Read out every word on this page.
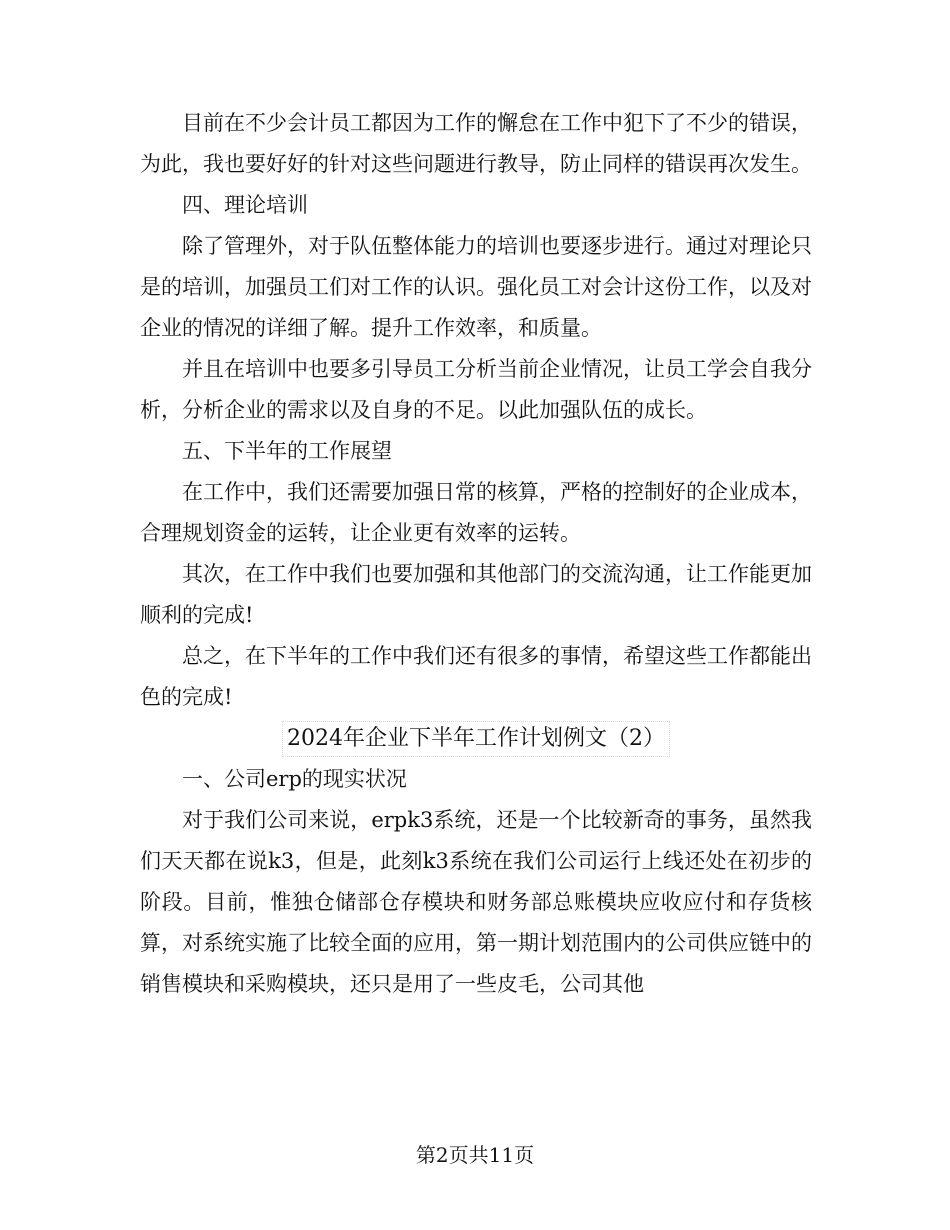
目前在不少会计员工都因为工作的懈怠在工作中犯下了不少的错误，为此，我也要好好的针对这些问题进行教导，防止同样的错误再次发生。

四、理论培训

除了管理外，对于队伍整体能力的培训也要逐步进行。通过对理论只是的培训，加强员工们对工作的认识。强化员工对会计这份工作，以及对企业的情况的详细了解。提升工作效率，和质量。

并且在培训中也要多引导员工分析当前企业情况，让员工学会自我分析，分析企业的需求以及自身的不足。以此加强队伍的成长。

五、下半年的工作展望

在工作中，我们还需要加强日常的核算，严格的控制好的企业成本，合理规划资金的运转，让企业更有效率的运转。

其次，在工作中我们也要加强和其他部门的交流沟通，让工作能更加顺利的完成!

总之，在下半年的工作中我们还有很多的事情，希望这些工作都能出色的完成!

2024年企业下半年工作计划例文（2）

一、公司erp的现实状况

对于我们公司来说，erpk3系统，还是一个比较新奇的事务，虽然我们天天都在说k3，但是，此刻k3系统在我们公司运行上线还处在初步的阶段。目前，惟独仓储部仓存模块和财务部总账模块应收应付和存货核算，对系统实施了比较全面的应用，第一期计划范围内的公司供应链中的销售模块和采购模块，还只是用了一些皮毛，公司其他

第2页共11页
